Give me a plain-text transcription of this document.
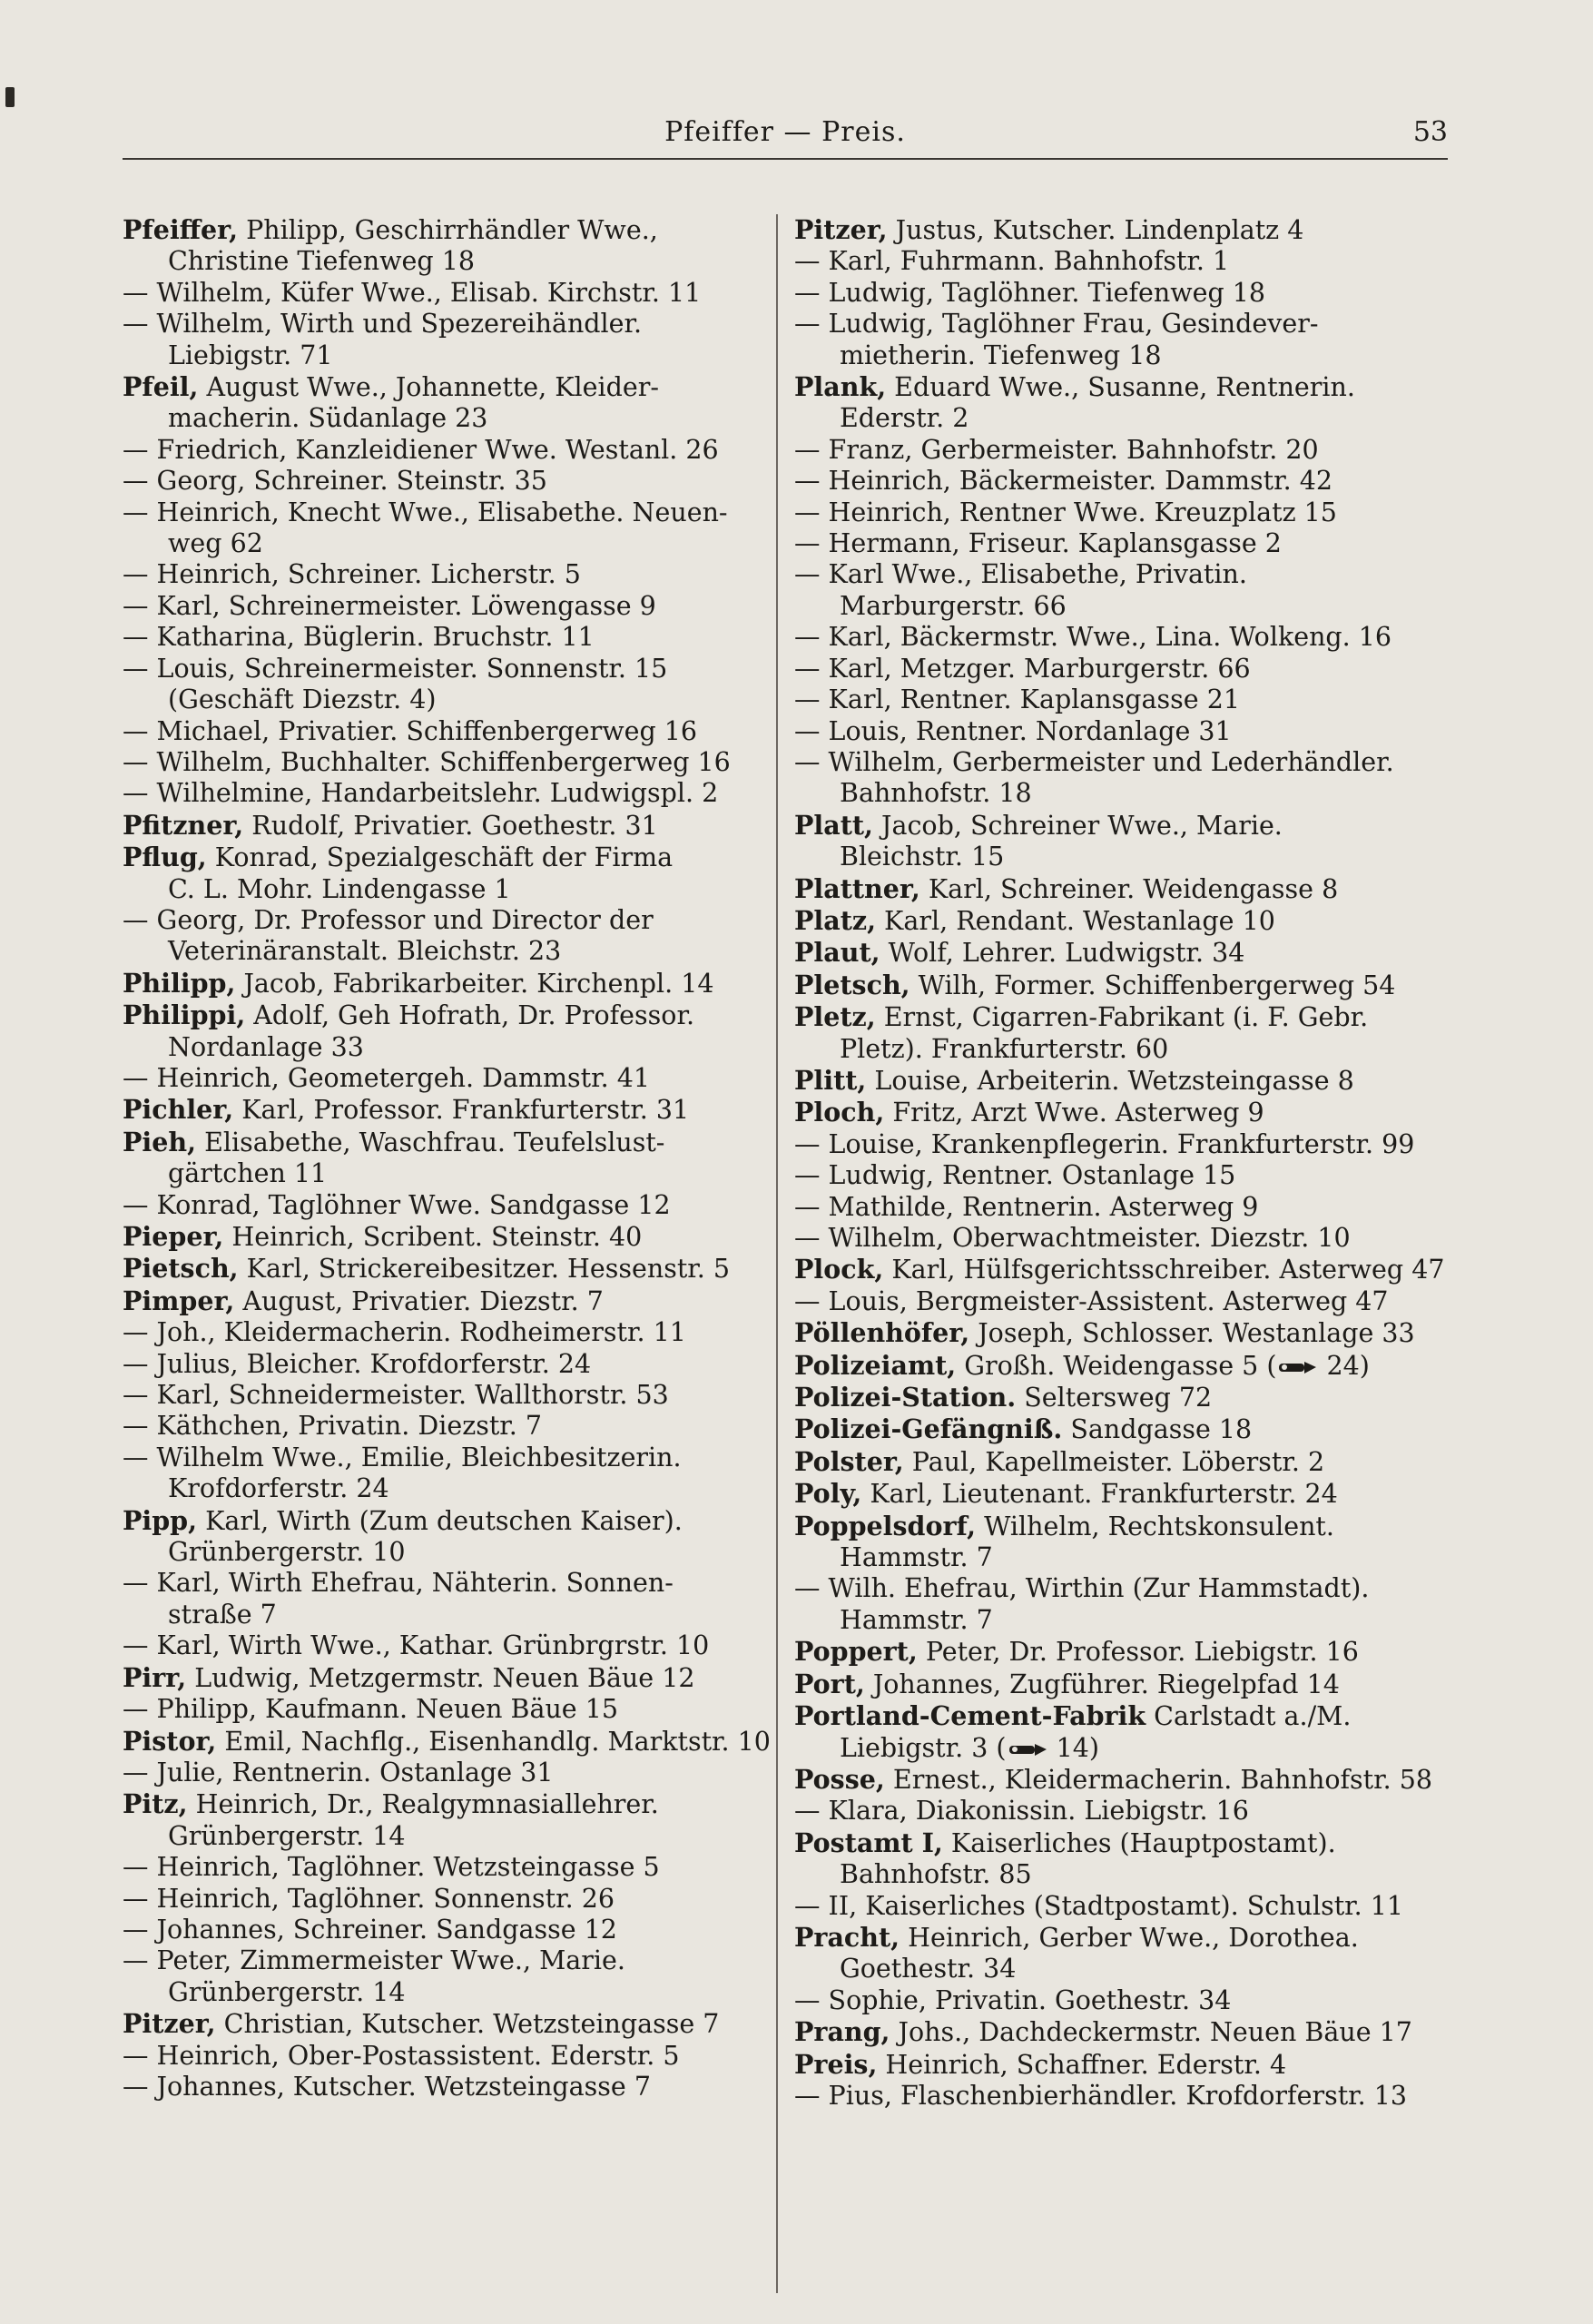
Pfeiffer — Preis.	53
Pfeiffer, Philipp, Geschirrhändler Wwe.,
Christine Tiefenweg 18
— Wilhelm, Küfer Wwe., Elisab. Kirchstr. 11
— Wilhelm, Wirth und Spezereihändler.
Liebigstr. 71
Pfeil, August Wwe., Johannette, Kleider-
macherin. Südanlage 23
— Friedrich, Kanzleidiener Wwe. Westanl. 26
— Georg, Schreiner. Steinstr. 35
— Heinrich, Knecht Wwe., Elisabethe. Neuen-
weg 62
— Heinrich, Schreiner. Licherstr. 5
— Karl, Schreinermeister. Löwengasse 9
— Katharina, Büglerin. Bruchstr. 11
— Louis, Schreinermeister. Sonnenstr. 15
(Geschäft Diezstr. 4)
— Michael, Privatier. Schiffenbergerweg 16
— Wilhelm, Buchhalter. Schiffenbergerweg 16
— Wilhelmine, Handarbeitslehr. Ludwigspl. 2
Pfitzner, Rudolf, Privatier. Goethestr. 31
Pflug, Konrad, Spezialgeschäft der Firma
C. L. Mohr. Lindengasse 1
— Georg, Dr. Professor und Director der
Veterinäranstalt. Bleichstr. 23
Philipp, Jacob, Fabrikarbeiter. Kirchenpl. 14
Philippi, Adolf, Geh Hofrath, Dr. Professor.
Nordanlage 33
— Heinrich, Geometergeh. Dammstr. 41
Pichler, Karl, Professor. Frankfurterstr. 31
Pieh, Elisabethe, Waschfrau. Teufelslust-
gärtchen 11
— Konrad, Taglöhner Wwe. Sandgasse 12
Pieper, Heinrich, Scribent. Steinstr. 40
Pietsch, Karl, Strickereibesitzer. Hessenstr. 5
Pimper, August, Privatier. Diezstr. 7
— Joh., Kleidermacherin. Rodheimerstr. 11
— Julius, Bleicher. Krofdorferstr. 24
— Karl, Schneidermeister. Wallthorstr. 53
— Käthchen, Privatin. Diezstr. 7
— Wilhelm Wwe., Emilie, Bleichbesitzerin.
Krofdorferstr. 24
Pipp, Karl, Wirth (Zum deutschen Kaiser).
Grünbergerstr. 10
— Karl, Wirth Ehefrau, Nähterin. Sonnen-
straße 7
— Karl, Wirth Wwe., Kathar. Grünbrgrstr. 10
Pirr, Ludwig, Metzgermstr. Neuen Bäue 12
— Philipp, Kaufmann. Neuen Bäue 15
Pistor, Emil, Nachflg., Eisenhandlg. Marktstr. 10
— Julie, Rentnerin. Ostanlage 31
Pitz, Heinrich, Dr., Realgymnasiallehrer.
Grünbergerstr. 14
— Heinrich, Taglöhner. Wetzsteingasse 5
— Heinrich, Taglöhner. Sonnenstr. 26
— Johannes, Schreiner. Sandgasse 12
— Peter, Zimmermeister Wwe., Marie.
Grünbergerstr. 14
Pitzer, Christian, Kutscher. Wetzsteingasse 7
— Heinrich, Ober-Postassistent. Ederstr. 5
— Johannes, Kutscher. Wetzsteingasse 7
Pitzer, Justus, Kutscher. Lindenplatz 4
— Karl, Fuhrmann. Bahnhofstr. 1
— Ludwig, Taglöhner. Tiefenweg 18
— Ludwig, Taglöhner Frau, Gesindever-
mietherin. Tiefenweg 18
Plank, Eduard Wwe., Susanne, Rentnerin.
Ederstr. 2
— Franz, Gerbermeister. Bahnhofstr. 20
— Heinrich, Bäckermeister. Dammstr. 42
— Heinrich, Rentner Wwe. Kreuzplatz 15
— Hermann, Friseur. Kaplansgasse 2
— Karl Wwe., Elisabethe, Privatin.
Marburgerstr. 66
— Karl, Bäckermstr. Wwe., Lina. Wolkeng. 16
— Karl, Metzger. Marburgerstr. 66
— Karl, Rentner. Kaplansgasse 21
— Louis, Rentner. Nordanlage 31
— Wilhelm, Gerbermeister und Lederhändler.
Bahnhofstr. 18
Platt, Jacob, Schreiner Wwe., Marie.
Bleichstr. 15
Plattner, Karl, Schreiner. Weidengasse 8
Platz, Karl, Rendant. Westanlage 10
Plaut, Wolf, Lehrer. Ludwigstr. 34
Pletsch, Wilh, Former. Schiffenbergerweg 54
Pletz, Ernst, Cigarren-Fabrikant (i. F. Gebr.
Pletz). Frankfurterstr. 60
Plitt, Louise, Arbeiterin. Wetzsteingasse 8
Ploch, Fritz, Arzt Wwe. Asterweg 9
— Louise, Krankenpflegerin. Frankfurterstr. 99
— Ludwig, Rentner. Ostanlage 15
— Mathilde, Rentnerin. Asterweg 9
— Wilhelm, Oberwachtmeister. Diezstr. 10
Plock, Karl, Hülfsgerichtsschreiber. Asterweg 47
— Louis, Bergmeister-Assistent. Asterweg 47
Pöllenhöfer, Joseph, Schlosser. Westanlage 33
Polizeiamt, Großh. Weidengasse 5 ( 24)
Polizei-Station. Seltersweg 72
Polizei-Gefängniß. Sandgasse 18
Polster, Paul, Kapellmeister. Löberstr. 2
Poly, Karl, Lieutenant. Frankfurterstr. 24
Poppelsdorf, Wilhelm, Rechtskonsulent.
Hammstr. 7
— Wilh. Ehefrau, Wirthin (Zur Hammstadt).
Hammstr. 7
Poppert, Peter, Dr. Professor. Liebigstr. 16
Port, Johannes, Zugführer. Riegelpfad 14
Portland-Cement-Fabrik Carlstadt a./M.
Liebigstr. 3 ( 14)
Posse, Ernest., Kleidermacherin. Bahnhofstr. 58
— Klara, Diakonissin. Liebigstr. 16
Postamt I, Kaiserliches (Hauptpostamt).
Bahnhofstr. 85
— II, Kaiserliches (Stadtpostamt). Schulstr. 11
Pracht, Heinrich, Gerber Wwe., Dorothea.
Goethestr. 34
— Sophie, Privatin. Goethestr. 34
Prang, Johs., Dachdeckermstr. Neuen Bäue 17
Preis, Heinrich, Schaffner. Ederstr. 4
— Pius, Flaschenbierhändler. Krofdorferstr. 13
